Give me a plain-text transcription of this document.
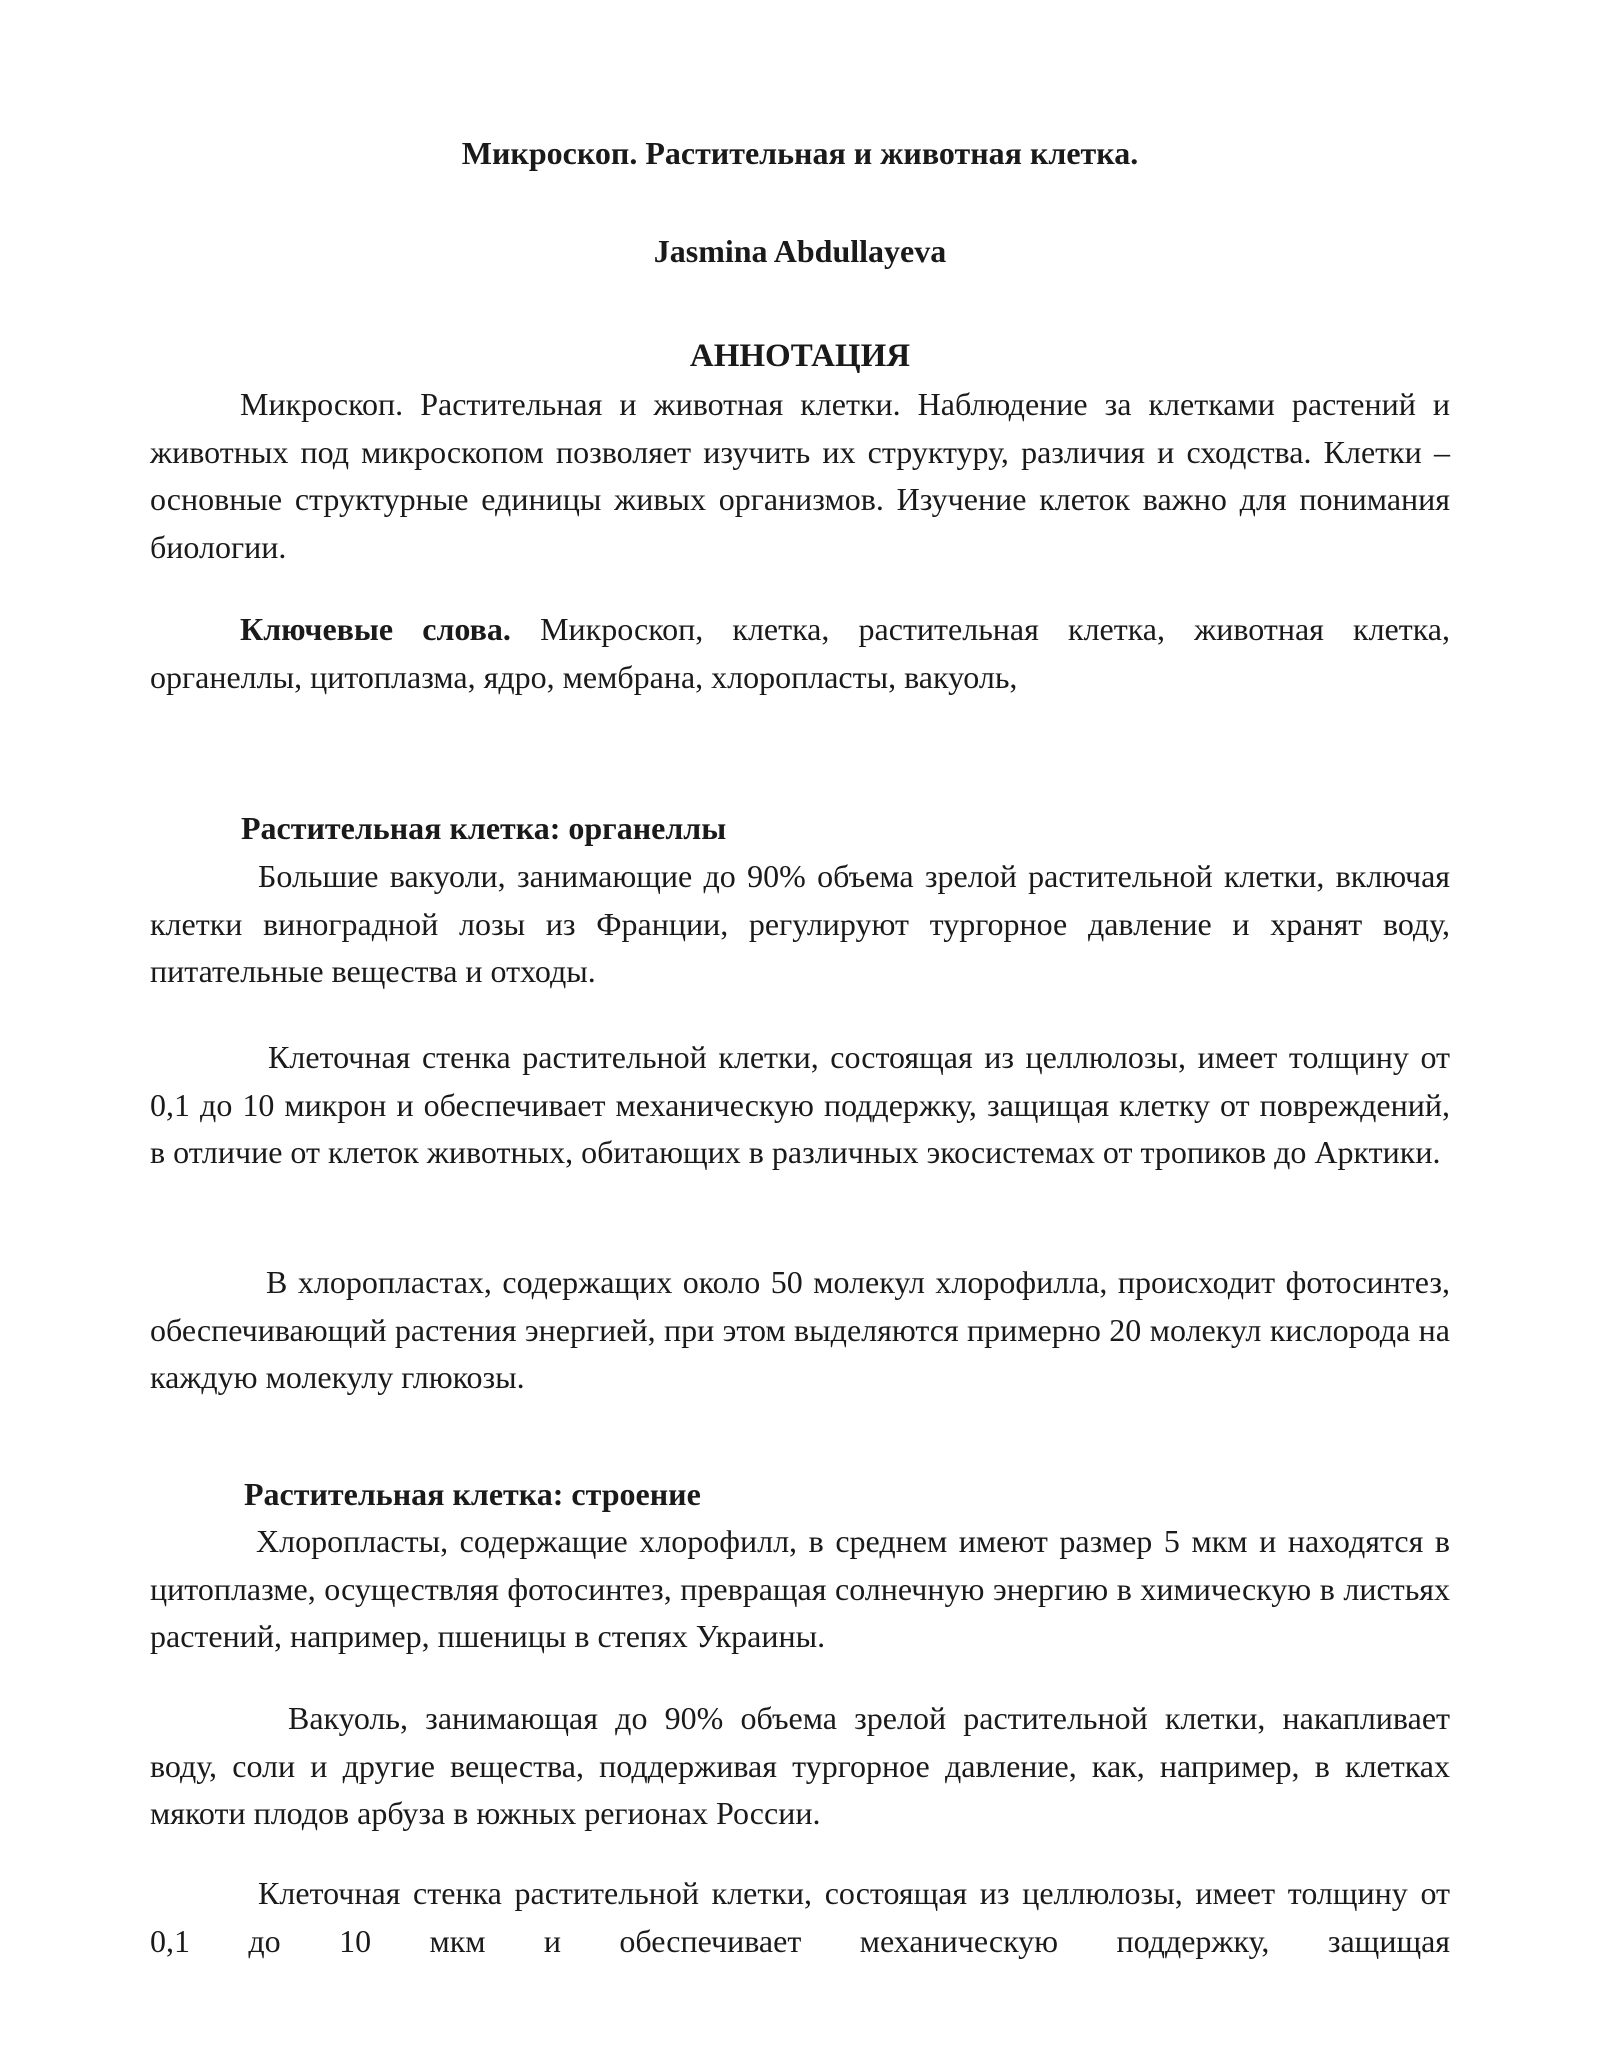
Микроскоп. Растительная и животная клетка.
Jasmina Abdullayeva
АННОТАЦИЯ

Микроскоп. Растительная и животная клетки. Наблюдение за клетками растений и животных под микроскопом позволяет изучить их структуру, различия и сходства. Клетки – основные структурные единицы живых организмов. Изучение клеток важно для понимания биологии.

Ключевые слова. Микроскоп, клетка, растительная клетка, животная клетка, органеллы, цитоплазма, ядро, мембрана, хлоропласты, вакуоль,

Растительная клетка: органеллы

Большие вакуоли, занимающие до 90% объема зрелой растительной клетки, включая клетки виноградной лозы из Франции, регулируют тургорное давление и хранят воду, питательные вещества и отходы.

Клеточная стенка растительной клетки, состоящая из целлюлозы, имеет толщину от 0,1 до 10 микрон и обеспечивает механическую поддержку, защищая клетку от повреждений, в отличие от клеток животных, обитающих в различных экосистемах от тропиков до Арктики.

В хлоропластах, содержащих около 50 молекул хлорофилла, происходит фотосинтез, обеспечивающий растения энергией, при этом выделяются примерно 20 молекул кислорода на каждую молекулу глюкозы.

Растительная клетка: строение

Хлоропласты, содержащие хлорофилл, в среднем имеют размер 5 мкм и находятся в цитоплазме, осуществляя фотосинтез, превращая солнечную энергию в химическую в листьях растений, например, пшеницы в степях Украины.

Вакуоль, занимающая до 90% объема зрелой растительной клетки, накапливает воду, соли и другие вещества, поддерживая тургорное давление, как, например, в клетках мякоти плодов арбуза в южных регионах России.

Клеточная стенка растительной клетки, состоящая из целлюлозы, имеет толщину от 0,1 до 10 мкм и обеспечивает механическую поддержку, защищая
